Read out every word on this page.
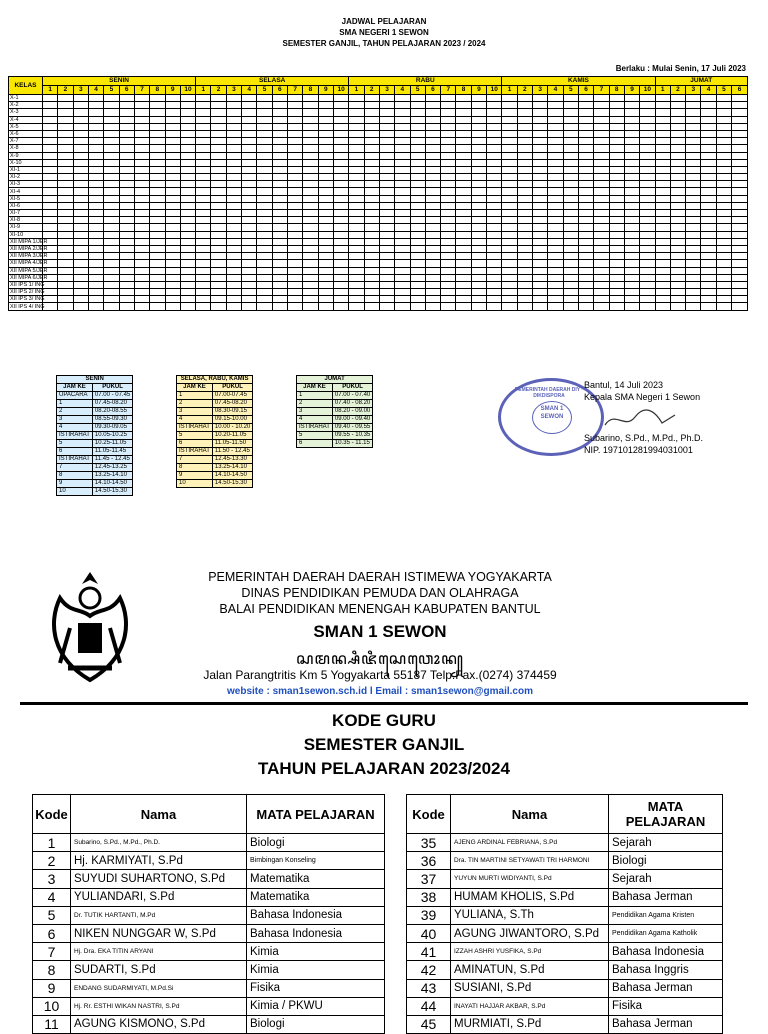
JADWAL PELAJARAN
SMA NEGERI 1 SEWON
SEMESTER GANJIL, TAHUN PELAJARAN 2023 / 2024
Berlaku : Mulai Senin, 17 Juli 2023
KELAS	SENIN										SELASA										RABU										KAMIS										JUMAT					
	1	2	3	4	5	6	7	8	9	10	1	2	3	4	5	6	7	8	9	10	1	2	3	4	5	6	7	8	9	10	1	2	3	4	5	6	7	8	9	10	1	2	3	4	5	6
X-1																																														
X-2																																														
X-3																																														
X-4																																														
X-5																																														
X-6																																														
X-7																																														
X-8																																														
X-9																																														
X-10																																														
XI-1																																														
XI-2																																														
XI-3																																														
XI-4																																														
XI-5																																														
XI-6																																														
XI-7																																														
XI-8																																														
XI-9																																														
XI-10																																														
XII MIPA 1/JER																																														
XII MIPA 2/JER																																														
XII MIPA 3/JER																																														
XII MIPA 4/JER																																														
XII MIPA 5/JER																																														
XII MIPA 6/JER																																														
XII IPS 1/ ING																																														
XII IPS 2/ ING																																														
XII IPS 3/ ING																																														
XII IPS 4/ ING																																														
SENIN	
JAM KE	PUKUL
UPACARA	07.00 - 07.45
1	07.45-08.20
2	08.20-08.55
3	08.55-09.30
4	09.30-09.05
ISTIRAHAT	10.05-10.25
5	10.25-11.05
6	11.05-11.45
ISTIRAHAT	11.45 - 12.45
7	12.45-13.25
8	13.25-14.10
9	14.10-14.50
10	14.50-15.30
SELASA, RABU, KAMIS	
JAM KE	PUKUL
1	07.00-07.45
2	07.45-08.20
3	08.30-09.15
4	09.15-10.00
ISTIRAHAT	10.00 - 10.20
5	10.20-11.05
6	11.05-11.50
ISTIRAHAT	11.50 - 12.45
7	12.45-13.30
8	13.25-14.10
9	14.10-14.50
10	14.50-15.30
JUMAT	
JAM KE	PUKUL
1	07.00 - 07.40
2	07.40 - 08.20
3	08.20 - 09.00
4	09.00 - 09.40
ISTIRAHAT	09.40 - 09.55
5	09.55 - 10.35
6	10.35 - 11.15
PEMERINTAH DAERAH DIY · DIKDISPORA
SMAN 1
SEWON
Bantul, 14 Juli 2023
Kepala SMA Negeri 1 Sewon
Subarino, S.Pd., M.Pd., Ph.D.
NIP. 197101281994031001
PEMERINTAH DAERAH DAERAH ISTIMEWA YOGYAKARTA
DINAS PENDIDIKAN PEMUDA DAN OLAHRAGA
BALAI PENDIDIKAN MENENGAH KABUPATEN BANTUL
SMAN 1 SEWON
ꦱꦩꦤ꧀ꦱꦶꦗꦶꦱꦺꦮꦺꦴꦤ꧀
Jalan Parangtritis Km 5 Yogyakarta 55187 Telp.Fax.(0274) 374459
website : sman1sewon.sch.id l Email : sman1sewon@gmail.com
KODE GURU
SEMESTER GANJIL
TAHUN PELAJARAN 2023/2024
Kode	Nama	MATA PELAJARAN
1	Subarino, S.Pd., M.Pd., Ph.D.	Biologi
2	Hj. KARMIYATI, S.Pd	Bimbingan Konseling
3	SUYUDI SUHARTONO, S.Pd	Matematika
4	YULIANDARI, S.Pd	Matematika
5	Dr. TUTIK HARTANTI, M.Pd	Bahasa Indonesia
6	NIKEN NUNGGAR W, S.Pd	Bahasa Indonesia
7	Hj. Dra. EKA TITIN ARYANI	Kimia
8	SUDARTI, S.Pd	Kimia
9	ENDANG SUDARMIYATI, M.Pd.Si	Fisika
10	Hj. Rr. ESTHI WIKAN NASTRI, S.Pd	Kimia / PKWU
11	AGUNG KISMONO, S.Pd	Biologi
Kode	Nama	MATA PELAJARAN
35	AJENG ARDINAL FEBRIANA, S.Pd	Sejarah
36	Dra. TIN MARTINI SETYAWATI TRI HARMONI	Biologi
37	YUYUN MURTI WIDIYANTI, S.Pd	Sejarah
38	HUMAM KHOLIS, S.Pd	Bahasa Jerman
39	YULIANA, S.Th	Pendidikan Agama Kristen
40	AGUNG JIWANTORO, S.Pd	Pendidikan Agama Katholik
41	IZZAH ASHRI YUSFIKA, S.Pd	Bahasa Indonesia
42	AMINATUN, S.Pd	Bahasa Inggris
43	SUSIANI, S.Pd	Bahasa Jerman
44	INAYATI HAJJAR AKBAR, S.Pd	Fisika
45	MURMIATI, S.Pd	Bahasa Jerman
